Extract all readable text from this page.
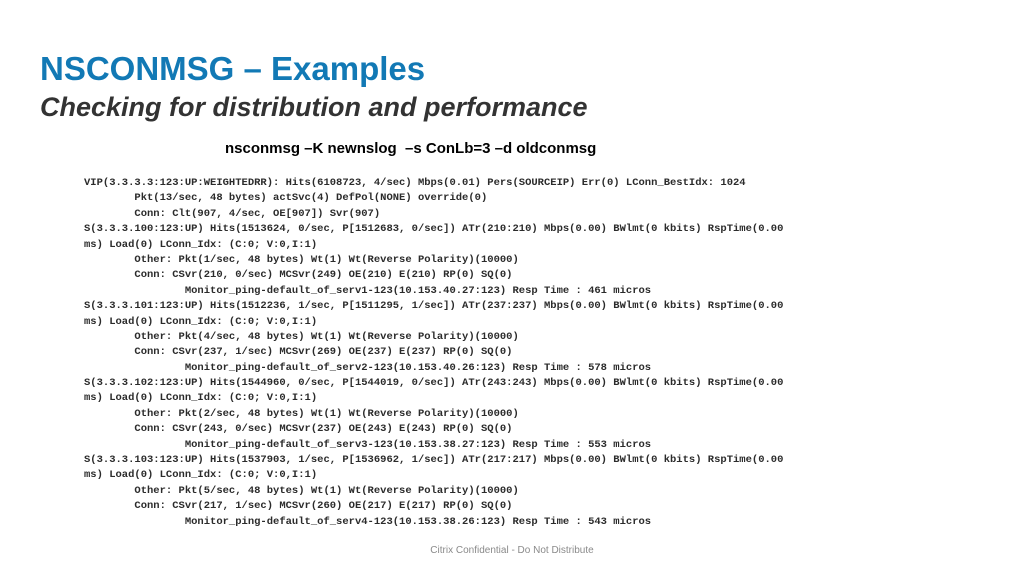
NSCONMSG – Examples
Checking for distribution and performance
nsconmsg –K newnslog  –s ConLb=3 –d oldconmsg
VIP(3.3.3.3:123:UP:WEIGHTEDRR): Hits(6108723, 4/sec) Mbps(0.01) Pers(SOURCEIP) Err(0) LConn_BestIdx: 1024
Pkt(13/sec, 48 bytes) actSvc(4) DefPol(NONE) override(0)
Conn: Clt(907, 4/sec, OE[907]) Svr(907)
S(3.3.3.100:123:UP) Hits(1513624, 0/sec, P[1512683, 0/sec]) ATr(210:210) Mbps(0.00) BWlmt(0 kbits) RspTime(0.00
ms) Load(0) LConn_Idx: (C:0; V:0,I:1)
Other: Pkt(1/sec, 48 bytes) Wt(1) Wt(Reverse Polarity)(10000)
Conn: CSvr(210, 0/sec) MCSvr(249) OE(210) E(210) RP(0) SQ(0)
Monitor_ping-default_of_serv1-123(10.153.40.27:123) Resp Time : 461 micros
S(3.3.3.101:123:UP) Hits(1512236, 1/sec, P[1511295, 1/sec]) ATr(237:237) Mbps(0.00) BWlmt(0 kbits) RspTime(0.00
ms) Load(0) LConn_Idx: (C:0; V:0,I:1)
Other: Pkt(4/sec, 48 bytes) Wt(1) Wt(Reverse Polarity)(10000)
Conn: CSvr(237, 1/sec) MCSvr(269) OE(237) E(237) RP(0) SQ(0)
Monitor_ping-default_of_serv2-123(10.153.40.26:123) Resp Time : 578 micros
S(3.3.3.102:123:UP) Hits(1544960, 0/sec, P[1544019, 0/sec]) ATr(243:243) Mbps(0.00) BWlmt(0 kbits) RspTime(0.00
ms) Load(0) LConn_Idx: (C:0; V:0,I:1)
Other: Pkt(2/sec, 48 bytes) Wt(1) Wt(Reverse Polarity)(10000)
Conn: CSvr(243, 0/sec) MCSvr(237) OE(243) E(243) RP(0) SQ(0)
Monitor_ping-default_of_serv3-123(10.153.38.27:123) Resp Time : 553 micros
S(3.3.3.103:123:UP) Hits(1537903, 1/sec, P[1536962, 1/sec]) ATr(217:217) Mbps(0.00) BWlmt(0 kbits) RspTime(0.00
ms) Load(0) LConn_Idx: (C:0; V:0,I:1)
Other: Pkt(5/sec, 48 bytes) Wt(1) Wt(Reverse Polarity)(10000)
Conn: CSvr(217, 1/sec) MCSvr(260) OE(217) E(217) RP(0) SQ(0)
Monitor_ping-default_of_serv4-123(10.153.38.26:123) Resp Time : 543 micros
Citrix Confidential - Do Not Distribute
